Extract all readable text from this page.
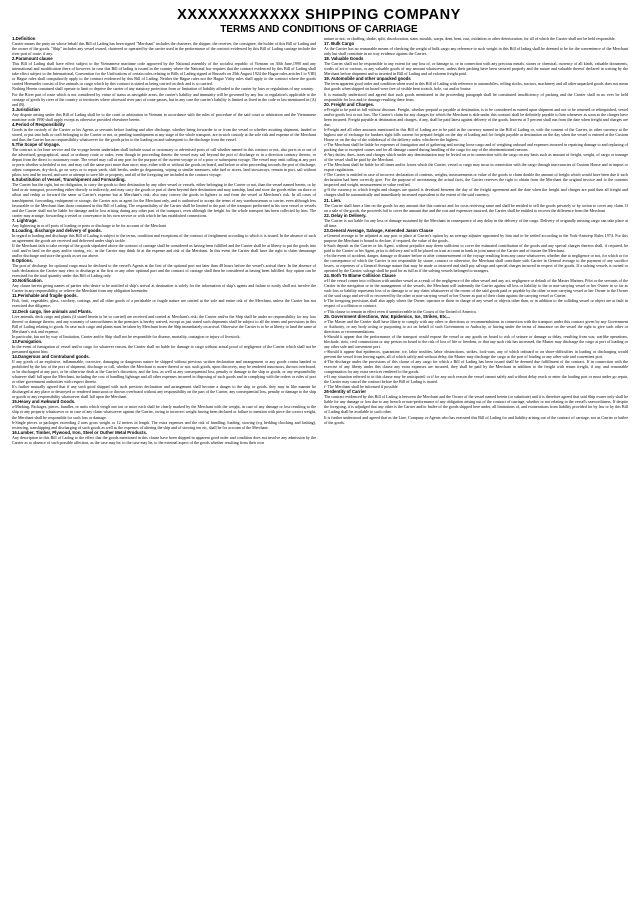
XXXXXXXXXXXX SHIPPING COMPANY
TERMS AND CONDITIONS OF CARRIAGE

1.Definition

Carrier means the party on whose behalf this Bill of Lading has been signed "Merchant" includes the charterer, the shipper, the receiver, the consignee, the holder of this Bill of Lading and the owner of the goods. "Ship" includes any vessel owned, chartered or operated by the carrier used in the performance of the contract evidenced by this Bill of Lading carriage include the river port of route, if any.

2.Paramount clause

This Bill of Lading shall have effect subject to the Vietnamese maritime code approved by the National assembly of the socialist republic of Vietnam on 30th June,1990 and any international and modification there of however, in case this Bill of lading is issued in the country where the National law requires that the contract evidenced by this Bill of Lading shall take effect subject to the International, Convention for the Unifications of certain rules relating to Bills of Lading signed at Brussels on 25th August 1924 the Hague rules articles I to VIII) or Hague rules shall compulsorily apply to the contract evidenced by this Bill of Lading. Neither the Hague rules nor the Hague Visby rules shall apply to the contract where the goods carried Hereunder consist of live animals or cargo which by this contract is stated as being carried on deck and is so carried.

Nothing Herein contained shall operate to limit or deprive the carrier of any statutory protection from or limitation of liability afforded to the carrier by laws or regulations of any country.

For the River part of route which is not considered by virtue of status as navigable areas, the carrier's liability and immunity will be governed by any law or regulation's applicable to the carriage of goods by river of the country or territories where aforesaid river part of route passes, but in any case the carrier's liability is limited as fixed in the code or law mentioned in (A) and (B).

3.Jurisdiction

Any dispute arising under this Bill of Lading shall be to the court or arbitration in Vietnam in accordance with the rules of procedure of the said court or arbitration and the Vietnamese maritime code 1990 shall apply except as otherwise provided elsewhere herein.

4.Period of Responsibility

Goods in the custody of the Carrier or his Agents or servants before loading and after discharge, whether being forwarder to or from the vessel or whether awaiting shipment, landed or stored, or put into hulk or craft belonging to the Carrier or not, or pending transhipment at any stage of the whole transport, are in such custody at the sole risk and expense of the Merchant and thus the Carrier has no responsibility whatsoever for the goods prior to the loading on and subsequent to the discharge from the vessel.

5.The Scope of Voyage.

The contract is for liner service and the voyage herein undertaken shall include usual or customary or advertised ports of call whether named in this contract or not, also ports in or out of the advertised, geographical, usual or ordinary route or order, even though in proceeding thereto the vessel may sail beyond the port of discharge or in a direction contrary thereto, or depart from the direct to customary route. The vessel may call at any port for the purpose of the current voyage or of a prior or subsequent voyage. The vessel may omit calling at any port or ports whether scheduled or not, and may call the same port more than once; may, either with or without the goods on board, and before or after proceeding towards the port of discharge, adjust compasses, dry-dock, go on ways or to repair yards, shift berths, under go degaussing, wiping or similar measures, take fuel or stores, land stowaways, remain in port, sail without pilots, tow and be towed, and save or attempt to save life or property, and all of the foregoing are included in the contract voyage.

6.Substitution of Vessel, Transhipment and Forwarding.

The Carrier has the right, but no obligation, to carry the goods to their destination by any other vessel or vessels, either belonging to the Carrier or not, than the vessel named herein, or by land or air transport, proceeding either directly or indirectly, and may carry the goods or part of them beyond their destination and may tranship, land and store the goods either on shore or afloat and reship or forward the same at Carrier's expense but at Merchant's risk; also may convey the goods in lighters to and from the vessel at Merchant's risk. In all cases of transhipment, forwarding, reshipment or storage, the Carrier acts as agent for the Merchant only, and is authorised to accept the terms of any warehouseman or carrier, even although less favourable to the Merchant than those contained in this Bill of Lading. The responsibility of the Carrier shall be limited to the part of the transport performed in his own vessel or vessels and the Carrier shall not be liable for damage and/or loss arising during any other part of the transport, even although the freight for the whole transport has been collected by him. The carrier may arrange, forwarding a vessel or conveyance in his own service or with which he has established connections.

7. Lightrage.

Any lightering in or off ports of loading or ports or discharge to be for account of the Merchant

8.Loading, discharge and delivery of goods.

In regard to loading and discharge this Bill of Lading is subject to the terms, condition and exceptions of the contract of freightment according to which it is issued. In the absence of such an agreement the goods are received and delivered under ship's tackle.

If the Merchant fails to take receipt of the goods stipulated above the contract of carriage shall be considered as having been fulfilled and the Carrier shall be at liberty to put the goods into craft and/or land on the quay and/or storing, etc., as the Carrier may think fit at the expense and risk of the Merchant. In this event the Carrier shall have the right to claim demurrage and/or discharge and store the goods as set out above.

9.Options.

The port of discharge for optional cargo must be declared to the vessel's Agents at the first of the optional port not later than 48 hours before the vessel's arrival there. In the absence of such declaration the Carrier may elect to discharge at the first or any other optional port and the contract of carriage shall then be considered as having been fulfilled. Any option can be exercised for the total quantity under this Bill of Lading only.

10.Notification.

Any clause herein giving names of parties who desire to be notified of ship's arrival at destination is solely for the information of ship's agents and failure to notify shall not involve the Carrier in any responsibility, or relieve the Merchant from any obligation hereunder.

11.Perishable and fragile goods.

Fish, fruit, vegetables, glass, crockery, castings, and all other goods of a perishable or fragile nature are carried at the sole and entire risk of the Merchant, unless the Carrier has not exercised due diligence.

12.Deck cargo, live animals and Plants.

Live animals, deck cargo and plants (if stated herein to be so carried) are received and carried at Merchant's risk: the Carrier and/or the Ship shall be under no responsibility for any loss thereof or damage thereto, and any warranty of seaworthiness in the premises is hereby waived, except as just stated such shipments shall be subject to all the terms and provisions in this Bill of Lading relating to goods. In case such cargo and plants must be taken by Merchant from the Ship immediately on arrival. Otherwise the Carrier is to be at liberty to land the same at Merchant's risk and expense.

In particular, but not by way of limitation, Carrier and/or Ship shall not be responsible for disease, mortality, contagion or injury of livestock.

13.Fumigation.

In the event of fumigation of vessel and/or cargo for whatever reason, the Carrier shall no liable for damage to cargo without actual proof of negligence of the Carrier which shall not be presumed against him.

14.Dangerous and Contraband goods.

If any goods of an explosive, inflammable, corrosive, damaging or dangerous nature be shipped without previous written declaration and arrangement or any goods contra banded or prohibited by the law of the port of shipment, discharge or call, whether the Merchant is aware thereof or not, such goods, upon discovery, may be rendered innocuous, thrown overboard, or be discharged at any port, or be otherwise dealt at the Carrier's discretion, and the loss, as well as any consequential loss, penalty or damage to the ship or goods, or any responsibility whatever shall fall upon the Merchant, including the cost of handling lightrage and all other expenses incurred in disposing of such goods and in complying with the orders or rules of port or other government authorities with respect thereto.

It's further mutually agreed that if any such good shipped with such previous declaration and arrangement shall become a danger to the ship or goods, they may in like manner be discharged at any place or destroyed or rendered innocuous or thrown overboard without any responsibility on the part of the Carrier, any consequential loss, penalty or damage to the ship or goods or any responsibility whatsoever shall fall upon the Merchant.

15.Heavy and Awkward Goods.

a-Marking, Packages, pieces, bundles, or units which weigh one ton or more each shall be clearly marked by the Merchant with the weight, in case of any damage or loss resulting to the ship or any property whatsoever or in case of any claim whatsoever against the Carrier, owing to incorrect weight having been declared or failure to mention with piece the correct weight, the Merchant shall be responsible for such loss or damage.

b-Single pieces or packages exceeding 2 tons gross weight or 12 meters in length. The extra expenses and the risk of handling, loading, stowing (e.g bedding chocking and lashing), restowing, transhipping and discharging of such goods as well as the expenses of altering the ship and of stowing ten etc, shall be for account of the Merchant.

16.Lumber, Timber, Plywood, Iron, Steel or Outher Metal Products.

Any description in this Bill of Lading to the effect that the goods mentioned in this clause have been shipped in apparent good order and condition does not involve any admission by the Carrier as to absence of such possible affection, as the case may be, to the case may be, to the external aspect of the goods whether resulting from their own

nature or not, or chaffing, shake, split, discoloration, stain, moulds, warps, dent, bent, rust, oxidation or other deterioration, for all of which the Carrier shall not be held responsible.

17. Bulk Cargo

As the Carrier has no reasonable means of checking the weight of bulk cargo any reference to such weight in this Bill of lading shall be deemed to be for the convenience of the Merchant only but shall constitute in no way evidence against the Carrier.

18. Valuable Goods

The Carrier shall not be responsible to any extent for any loss of, or damage to, or in connection with any precious metals, stones or chemical, currency of all kinds, valuable documents, works of art or curious, or any valuable goods of any amount whatsoever, unless their packing have been secured properly and the nature and valuable thereof declared in writing by the Merchant before shipment and so inserted in Bill of Lading and ad valorem freight paid.

19. Automobile and other unpacked goods

The term apparent good order and condition when used in this Bill of Lading with reference to automobiles, rolling stocks, tractors, machinery and all other unpacked goods does not mean that goods when shipped on board were free of visible bent scratch, hole, cut and/or bruise.

It is mutually understood and agreed that such goods mentioned in the proceeding paragraph shall be constituted insufficiency of packing and the Carrier shall in no ever be held responsible for loss and/or damage resulting there from.

20. Freight and Charges.

a-Freight to be paid in full without discount. Freight, whether prepaid or payable at destination, is to be considered as earned upon shipment and not to be returned or relinquished, vessel and/or goods lost or not loss. The Carrier's claim for any charges for which the Merchant is able under this contract shall be definitely payable to him whenever as soon as the charges have been incurred. Freight payable at destination and charges, if any, shall be paid latest against delivery of the goods. Interest at 5 percent shall run from the date when freight and charges are due.

b-Freight and all other amounts mentioned in this Bill of Lading are to be paid in the currency named in the Bill of Lading or, with the consent of the Carrier, in other currency at the highest rate of exchange for bankers sight bills current for prepaid freight on the day of loading and for freight payable at destination on the day when the vessel is entered at the Custom House or on the day of the withdrawal of the delivery order, whichever the highest.

c-The Merchant shall be liable for expenses of fumigation and of gathering and sorting loose cargo and of weighing onboard and expenses incurred in repairing damage to and replacing of packing due to excepted causes and for all damage caused during handling of the cargo for any of the aforementioned reasons.

d-Any duties, dues, taxes and charges which under any denomination may be levied on or in connection with the cargo on any basis such as amount of freight, weight, of cargo or tonnage of the vessel shall be paid by the Merchant.

e-The Merchant shall be liable for all times and/or losses which the Carrier, vessel or cargo may incur in connection with the cargo through inaccuracies of Custom House and in import or export regulations.

f-The Carrier is entitled in case of incorrect declaration of contents, weights, measurements or value of the goods to claim double the amount of freight which would have been due if such declaration had been correctly give. For the purpose of ascertaining the actual facts, the Carrier reserves the right to obtain from the Merchant the original invoice and to the contents inspected and weight, measurement or value verified.

g-If the currency in which freight and charges are quoted is devalued between the day of the freight agreement and the date when the freight and charges are paid then all freight and charges shall be automatically and immediately increased equivalent to the extent of the said currency.

21. Lien.

The Carrier shall have a lien on the goods for any amount due this contract and for costs receiving same and shall be entitled to sell the goods privately or by action to cover any claim. If on a sale of the goods, the proceeds fail to cover the amount due and the cost and expensive incurred, the Carrier shall be entitled to recover the difference from the Merchant

22. Delay in Delivery.

The Carrier is not liable for any loss or damage sustained by the Merchant in consequence of any delay in the delivery of the cargo. Delivery of originally missing cargo can take place at all time.

23.General Average, Salvage, Amended Jason Clause

a-General average to be adjusted at any port or place at Carrier's option by an average adjuster appointed by him and to be settled according to the York-Antwerp Rules 1974. For this purpose the Merchant is bound to declare, if required, the value of the goods.

b-Such deposit as the Carrier or his Agent, without prejudice may deem sufficient to cover the estimated contribution of the goods and any special charges thereon shall, if required, be paid to the Carrier or his Agent, prior to delivery and will be placed on trust account in bank in joint name of the Carrier and of trustee the Merchant.

c-In the event of accident, danger, damage or disaster before or after commencement of the voyage resulting from any cause whatsoever, whether due to negligence or not, for which or for the consequence of which the Carrier is not responsible by statue, contract or otherwise, the Merchant shall contribute with Carrier in General average to the payment of any sacrifice losses, or expenses of a General Average nature that may be made or incurred and shall pay salvage and special charges incurred in respect of the goods. If a salving vessels is owned or operated by the Carrier, salvage shall be paid for as full as if the salving vessels belonged to strangers.

24. Both To Blame Collision Clause

a-If the vessel comes into collision with another vessel as a result of the negligence of the other vessel and any act, negligence or default of the Master Mariner, Pilot or the servants of the Carrier in the navigation or in the management of the vessels, the Merchant will indemnify the Carrier against all loss or liability to the or non-carrying vessel or her Owner in so far as such loss or liability represents loss of or damage to or any claim whatsoever of the owner of the said goods paid or payable by the other or non-carrying vessel or her Owner to the Owner of the said cargo and set-off or recovered by the other or non-carrying vessel or her Owner as part of their claim against the carrying vessel or Carrier.

b-The foregoing provisions shall also apply where the Owner, operator or those in charge of any vessel or objects other than, or in addition to the colliding vessel or object are at fault in respect of a collision or contract.

c-This clause to remain in effect even if unenforceable in the Courts of the United of America.

25. Government directions, War, Epidemics, Ice, Strikes, Etc...

a-The Master and the Carrier shall have liberty to comply with any other or directions or recommendations in connection with the transport under this contract given by any Government or Authority, or any body acting or purporting to act on behalf of such Government or Authority, or having under the terms of insurance on the vessel the right to give such other or directions or recommendations.

b-Should it appear that the performance of the transport would expose the vessel or any goods on board to risk of seizure or damage or delay, resulting from war, warlike operations, blockade, riots, civil commotions or any person on board to the risk of loss of life or freedom, or that any such risk has increased, the Master may discharge the cargo at port of loading or any other safe and convenient port.

c-Should it appear that epidemics, quarantine, ice, labor troubles, labor obstructions, strikes, lock-outs, any of which onboard or on shore-difficulties in loading or discharging would prevent the vessel from leaving again, all of which safely and without delay, the Master may discharge the cargo at the port of loading or any other safe and convenient port.

d-The discharge under the provisions of this clause of any cargo for which a Bill of Lading has been issued shall be deemed due fulfillment of the contract. If in connection with the exercise of any liberty under this clause any extra expenses are incurred, they shall be paid by the Merchant in addition to the freight with return freight, if any, and reasonable compensation for any extra services rendered to the goods.

e-If any situation referred to in this clause may be anticipated, or if for any such reason the vessel cannot safely and without delay reach or enter the loading port or must under go repair, the Carrier may cancel the contract before the Bill of Lading is issued.

f- The Merchant shall be informed if possible.

26-Identity of Carrier

The contract evidenced by this Bill of Lading is between the Merchant and the Owner of the vessel named herein (or substitute) and it is therefore agreed that said Ship owner only shall be liable for any damage or loss due to any breach or non-performance of any obligation arising out of the contract of carriage, whether or not relating to the vessel's seaworthiness. If despite the foregoing, it is adjudged that any other is the Carrier and/or bailee of the goods shipped here under, all limitations of, and exonerations from liability provided for by law or by this Bill of Lading shall be available to such other.

It is further understood and agreed that as the Line, Company or Agents who has executed this Bill of Lading for and liability arising out of the contract of carriage, not as Carrier or bailee of the goods.
